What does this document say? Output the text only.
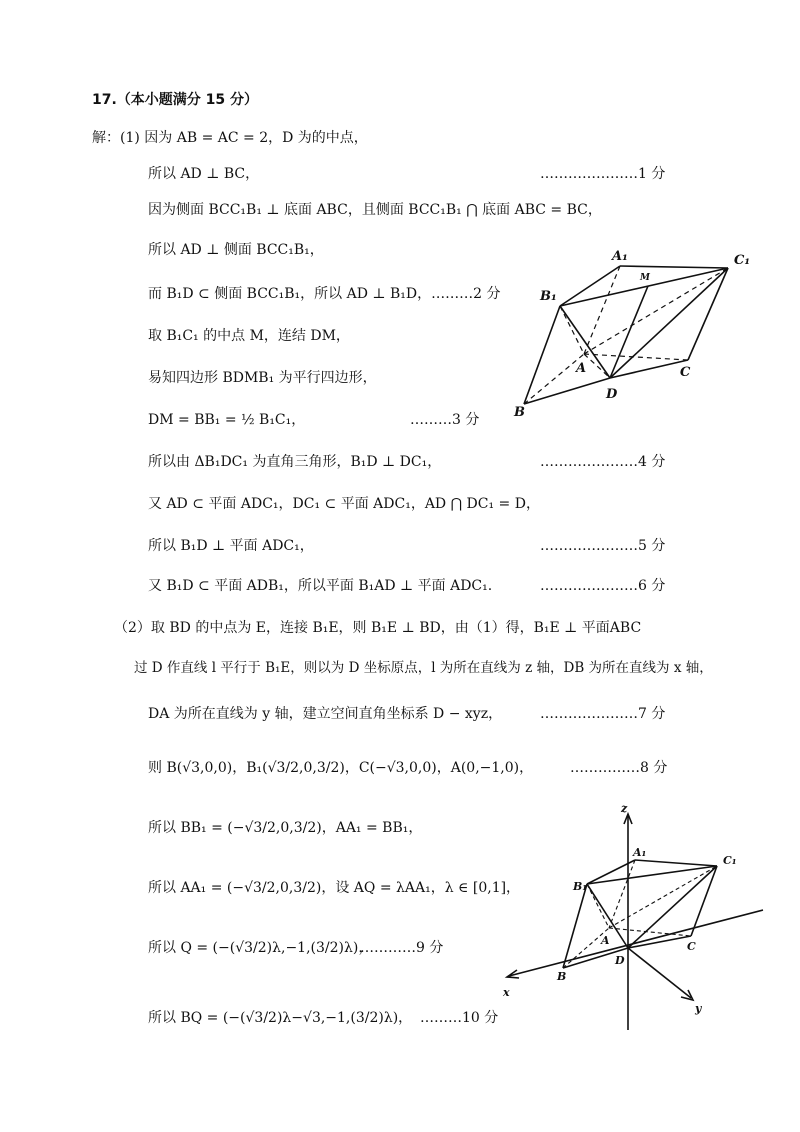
17.（本小题满分 15 分）
解：(1) 因为 AB = AC = 2，D 为的中点，
所以 AD ⊥ BC，	…………………1 分
因为侧面 BCC₁B₁ ⊥ 底面 ABC，且侧面 BCC₁B₁ ⋂ 底面 ABC = BC，
所以 AD ⊥ 侧面 BCC₁B₁，
而 B₁D ⊂ 侧面 BCC₁B₁，所以 AD ⊥ B₁D，………2 分
取 B₁C₁ 的中点 M，连结 DM，
易知四边形 BDMB₁ 为平行四边形，
DM = BB₁ = ½ B₁C₁，	………3 分
所以由 ΔB₁DC₁ 为直角三角形，B₁D ⊥ DC₁，	…………………4 分
又 AD ⊂ 平面 ADC₁，DC₁ ⊂ 平面 ADC₁，AD ⋂ DC₁ = D，
所以 B₁D ⊥ 平面 ADC₁，	…………………5 分
又 B₁D ⊂ 平面 ADB₁，所以平面 B₁AD ⊥ 平面 ADC₁.	…………………6 分
（2）取 BD 的中点为 E，连接 B₁E，则 B₁E ⊥ BD，由（1）得，B₁E ⊥ 平面ABC
过 D 作直线 l 平行于 B₁E，则以为 D 坐标原点，l 为所在直线为 z 轴，DB 为所在直线为 x 轴，
DA 为所在直线为 y 轴，建立空间直角坐标系 D − xyz，	…………………7 分
则 B(√3,0,0)，B₁(√3/2,0,3/2)，C(−√3,0,0)，A(0,−1,0)，	……………8 分
所以 BB₁ = (−√3/2,0,3/2)，AA₁ = BB₁，
所以 AA₁ = (−√3/2,0,3/2)，设 AQ = λAA₁，λ ∈ [0,1]，
所以 Q = (−(√3/2)λ,−1,(3/2)λ)，
…………9 分
所以 BQ = (−(√3/2)λ−√3,−1,(3/2)λ)， ………10 分
A₁	C₁
M
B₁
A	C
D
B
z
A₁
C₁
B₁
A	C
B
D
x
y
